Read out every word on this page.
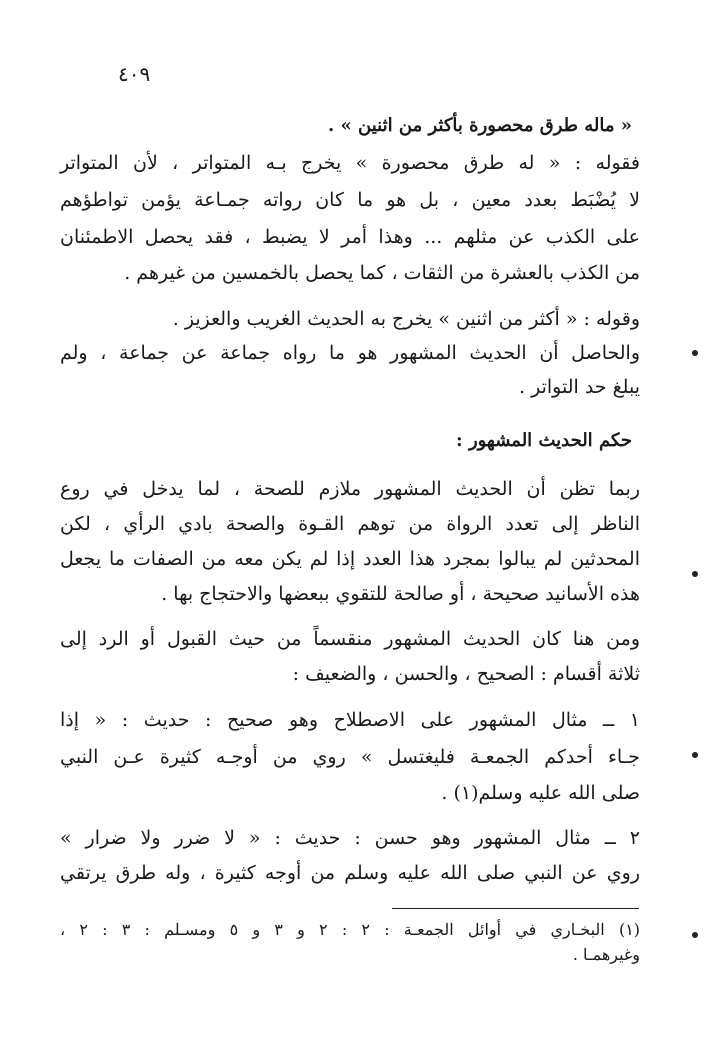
٤٠٩
« ماله طرق محصورة بأكثر من اثنين » .
فقوله : « له طرق محصورة » يخرج بـه المتواتر ، لأن المتواتر
لا يُضْبَط بعدد معين ، بل هو ما كان رواته جمـاعة يؤمن تواطؤهم
على الكذب عن مثلهم ... وهذا أمر لا يضبط ، فقد يحصل الاطمئنان
من الكذب بالعشرة من الثقات ، كما يحصل بالخمسين من غيرهم .
وقوله : « أكثر من اثنين » يخرج به الحديث الغريب والعزيز .
والحاصل أن الحديث المشهور هو ما رواه جماعة عن جماعة ، ولم
يبلغ حد التواتر .
حكم الحديث المشهور :
ربما تظن أن الحديث المشهور ملازم للصحة ، لما يدخل في روع
الناظر إلى تعدد الرواة من توهم القـوة والصحة بادي الرأي ، لكن
المحدثين لم يبالوا بمجرد هذا العدد إذا لم يكن معه من الصفات ما يجعل
هذه الأسانيد صحيحة ، أو صالحة للتقوي ببعضها والاحتجاج بها .
ومن هنا كان الحديث المشهور منقسماً من حيث القبول أو الرد إلى
ثلاثة أقسام : الصحيح ، والحسن ، والضعيف :
١ ــ مثال المشهور على الاصطلاح وهو صحيح : حديث : « إذا
جـاء أحدكم الجمعـة فليغتسل » روي من أوجـه كثيرة عـن النبي
صلى الله عليه وسلم(١) .
٢ ــ مثال المشهور وهو حسن : حديث : « لا ضرر ولا ضرار »
روي عن النبي صلى الله عليه وسلم من أوجه كثيرة ، وله طرق يرتقي
(١) البخـاري في أوائل الجمعـة : ٢ : ٢ و ٣ و ٥ ومسـلم : ٣ : ٢ ،
وغيرهمـا .
